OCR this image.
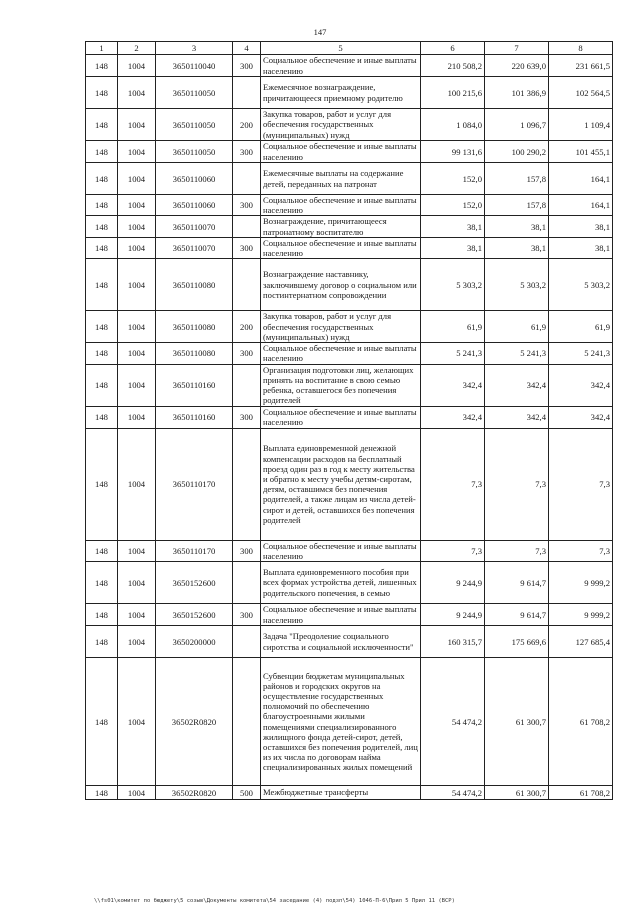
147
1	2	3	4	5	6	7	8
148	1004	3650110040	300	Социальное обеспечение и иные выплаты населению	210 508,2	220 639,0	231 661,5
148	1004	3650110050		Ежемесячное вознаграждение, причитающееся приемному родителю	100 215,6	101 386,9	102 564,5
148	1004	3650110050	200	Закупка товаров, работ и услуг для обеспечения государственных (муниципальных) нужд	1 084,0	1 096,7	1 109,4
148	1004	3650110050	300	Социальное обеспечение и иные выплаты населению	99 131,6	100 290,2	101 455,1
148	1004	3650110060		Ежемесячные выплаты на содержание детей, переданных на патронат	152,0	157,8	164,1
148	1004	3650110060	300	Социальное обеспечение и иные выплаты населению	152,0	157,8	164,1
148	1004	3650110070		Вознаграждение, причитающееся патронатному воспитателю	38,1	38,1	38,1
148	1004	3650110070	300	Социальное обеспечение и иные выплаты населению	38,1	38,1	38,1
148	1004	3650110080		Вознаграждение наставнику, заключившему договор о социальном или постинтернатном сопровождении	5 303,2	5 303,2	5 303,2
148	1004	3650110080	200	Закупка товаров, работ и услуг для обеспечения государственных (муниципальных) нужд	61,9	61,9	61,9
148	1004	3650110080	300	Социальное обеспечение и иные выплаты населению	5 241,3	5 241,3	5 241,3
148	1004	3650110160		Организация подготовки лиц, желающих принять на воспитание в свою семью ребенка, оставшегося без попечения родителей	342,4	342,4	342,4
148	1004	3650110160	300	Социальное обеспечение и иные выплаты населению	342,4	342,4	342,4
148	1004	3650110170		Выплата единовременной денежной компенсации расходов на бесплатный проезд один раз в год к месту жительства и обратно к месту учебы детям-сиротам, детям, оставшимся без попечения родителей, а также лицам из числа детей-сирот и детей, оставшихся без попечения родителей	7,3	7,3	7,3
148	1004	3650110170	300	Социальное обеспечение и иные выплаты населению	7,3	7,3	7,3
148	1004	3650152600		Выплата единовременного пособия при всех формах устройства детей, лишенных родительского попечения, в семью	9 244,9	9 614,7	9 999,2
148	1004	3650152600	300	Социальное обеспечение и иные выплаты населению	9 244,9	9 614,7	9 999,2
148	1004	3650200000		Задача "Преодоление социального сиротства и социальной исключенности"	160 315,7	175 669,6	127 685,4
148	1004	36502R0820		Субвенции бюджетам муниципальных районов и городских округов на осуществление государственных полномочий по обеспечению благоустроенными жилыми помещениями специализированного жилищного фонда детей-сирот, детей, оставшихся без попечения родителей, лиц из их числа по договорам найма специализированных жилых помещений	54 474,2	61 300,7	61 708,2
148	1004	36502R0820	500	Межбюджетные трансферты	54 474,2	61 300,7	61 708,2
\\fs01\комитет по бюджету\5 созыв\Документы комитета\54 заседание (4) подзп\54) 1046-П-6\Прил 5 Прил 11 (ВСР)
